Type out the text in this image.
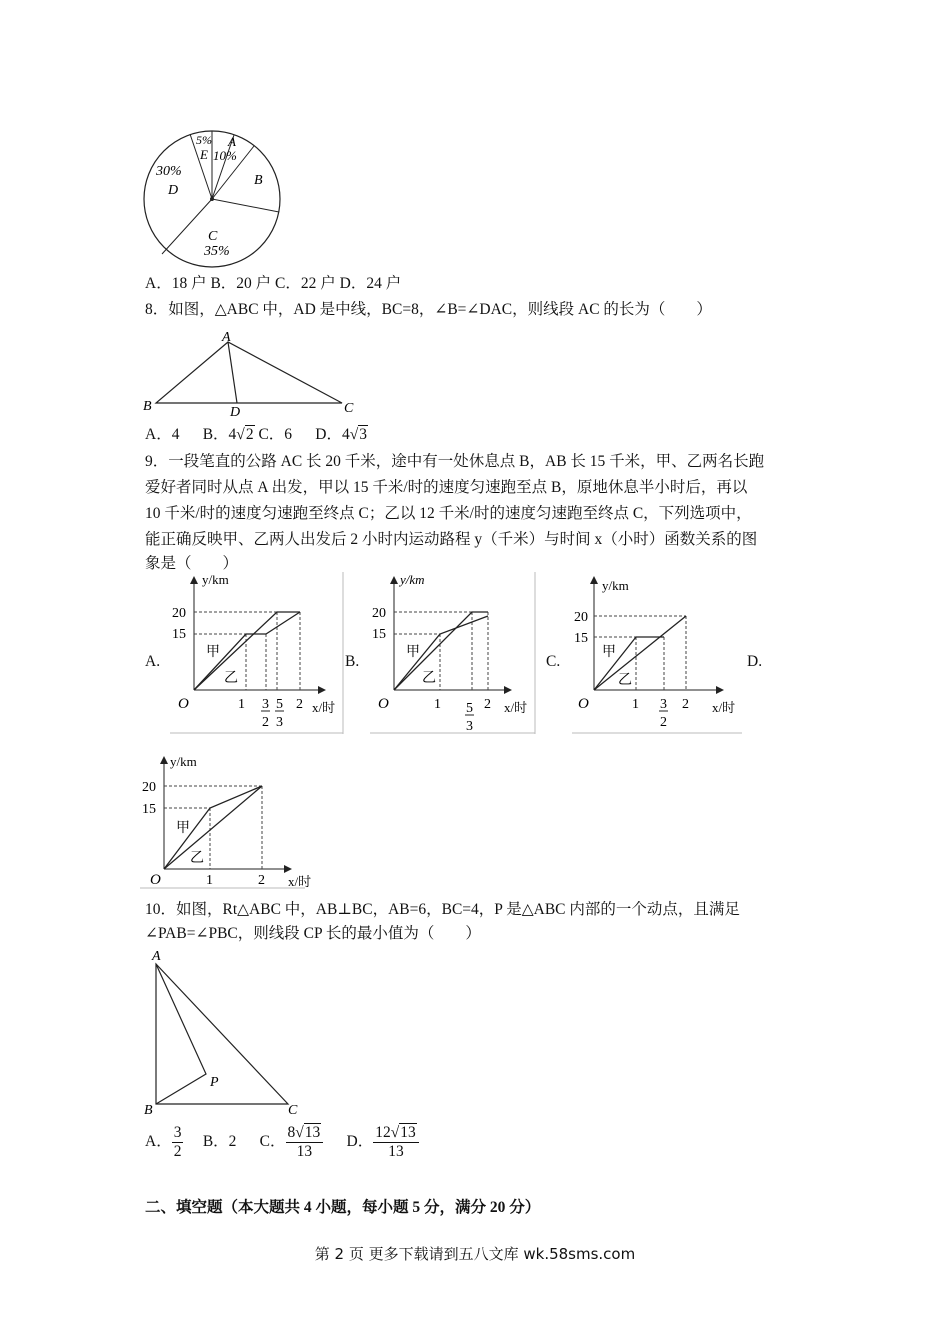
5%
E
A
10%
B
30%
D
C
35%
A．18 户 B．20 户 C．22 户 D．24 户
8．如图，△ABC 中，AD 是中线，BC=8，∠B=∠DAC，则线段 AC 的长为（　　）
A
B	C
D
A．4 B．4√2 C．6 D．4√3
9．一段笔直的公路 AC 长 20 千米，途中有一处休息点 B，AB 长 15 千米，甲、乙两名长跑
爱好者同时从点 A 出发，甲以 15 千米/时的速度匀速跑至点 B，原地休息半小时后，再以
10 千米/时的速度匀速跑至终点 C；乙以 12 千米/时的速度匀速跑至终点 C，下列选项中，
能正确反映甲、乙两人出发后 2 小时内运动路程 y（千米）与时间 x（小时）函数关系的图
象是（　　）
A.	B.	C.	D.
y/km
20
15
甲
乙
O	1 3
2
5
3
2 x/时
y/km
20
15
甲
乙
O	1 5
3
2 x/时
y/km
20
15
甲
乙
O	1 3
2
2 x/时
y/km
20
15
甲
乙
O	1	2 x/时
10．如图，Rt△ABC 中，AB⊥BC，AB=6，BC=4，P 是△ABC 内部的一个动点，且满足
∠PAB=∠PBC，则线段 CP 长的最小值为（　　）
A
B	C
P
A． $\frac{3}{2}$ B．2 C． $\frac{8√13}{13}$ D． $\frac{12√13}{13}$
二、填空题（本大题共 4 小题，每小题 5 分，满分 20 分）
第 2 页 更多下载请到五八文库 wk.58sms.com
